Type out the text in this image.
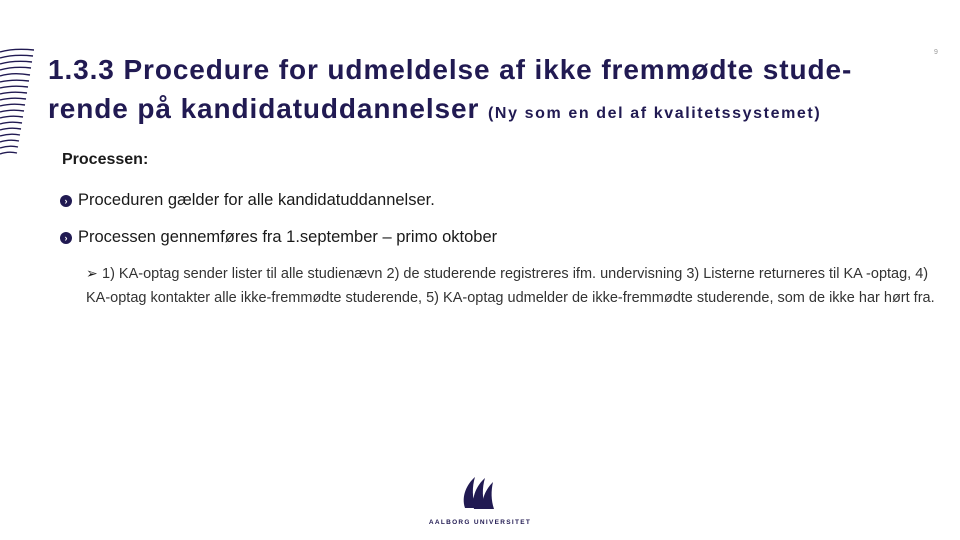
9
1.3.3 Procedure for udmeldelse af ikke fremmødte stude-rende på kandidatuddannelser (Ny som en del af kvalitetssystemet)
Processen:
› Proceduren gælder for alle kandidatuddannelser.
› Processen gennemføres fra 1.september – primo oktober
➢ 1) KA-optag sender lister til alle studienævn 2) de studerende registreres ifm. undervisning 3) Listerne returneres til KA -optag, 4) KA-optag kontakter alle ikke-fremmødte studerende, 5) KA-optag udmelder de ikke-fremmødte studerende, som de ikke har hørt fra.
AALBORG UNIVERSITET
